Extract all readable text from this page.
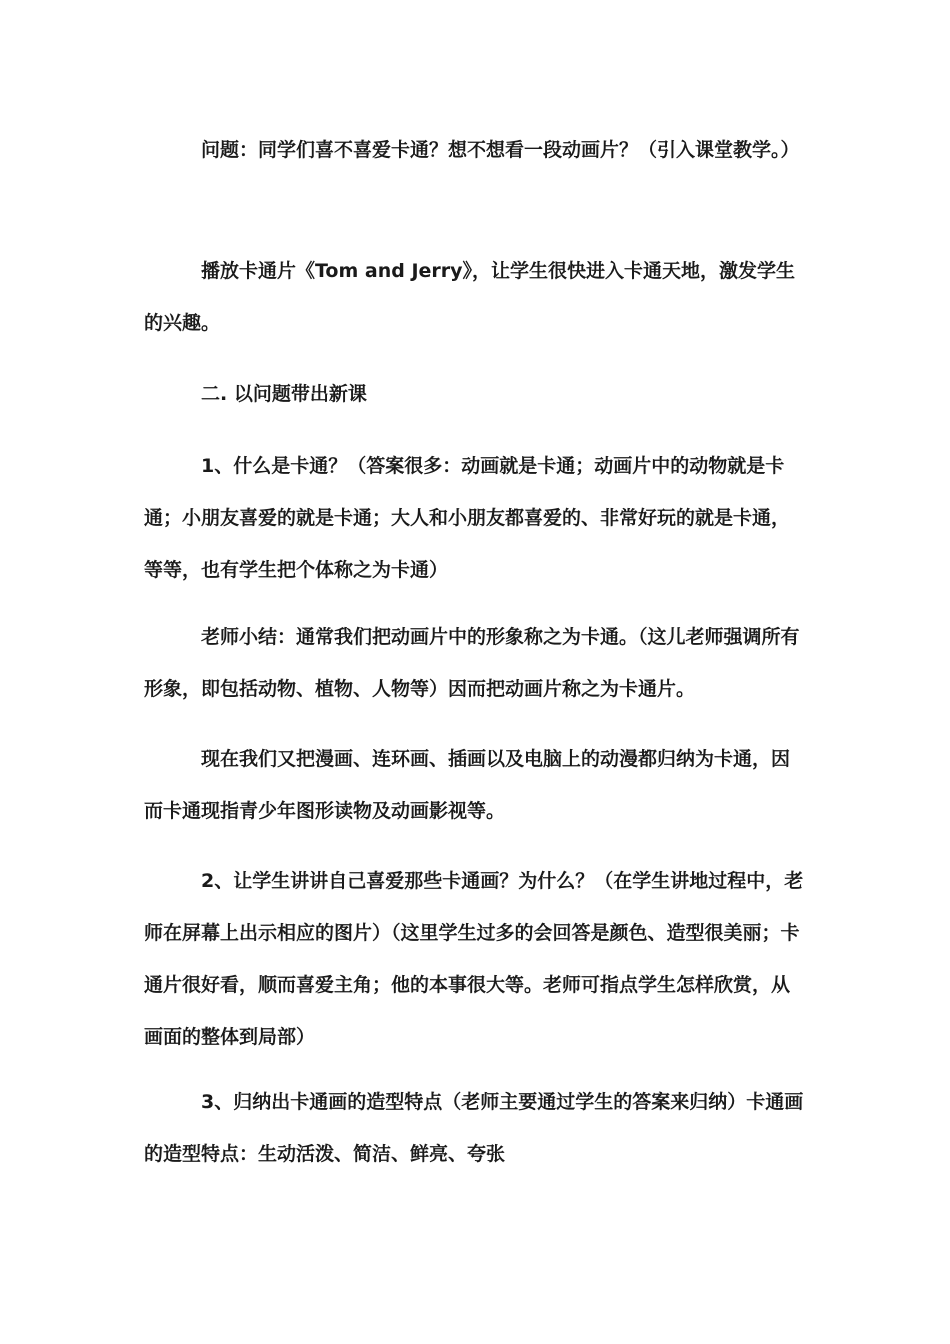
问题：同学们喜不喜爱卡通？想不想看一段动画片？（引入课堂教学。）

播放卡通片《Tom and Jerry》，让学生很快进入卡通天地，激发学生的兴趣。

二. 以问题带出新课

1、什么是卡通？（答案很多：动画就是卡通；动画片中的动物就是卡通；小朋友喜爱的就是卡通；大人和小朋友都喜爱的、非常好玩的就是卡通，等等，也有学生把个体称之为卡通）

老师小结：通常我们把动画片中的形象称之为卡通。（这儿老师强调所有形象，即包括动物、植物、人物等）因而把动画片称之为卡通片。

现在我们又把漫画、连环画、插画以及电脑上的动漫都归纳为卡通，因而卡通现指青少年图形读物及动画影视等。

2、让学生讲讲自己喜爱那些卡通画？为什么？（在学生讲地过程中，老师在屏幕上出示相应的图片）（这里学生过多的会回答是颜色、造型很美丽；卡通片很好看，顺而喜爱主角；他的本事很大等。老师可指点学生怎样欣赏，从画面的整体到局部）

3、归纳出卡通画的造型特点（老师主要通过学生的答案来归纳）卡通画的造型特点：生动活泼、简洁、鲜亮、夸张
